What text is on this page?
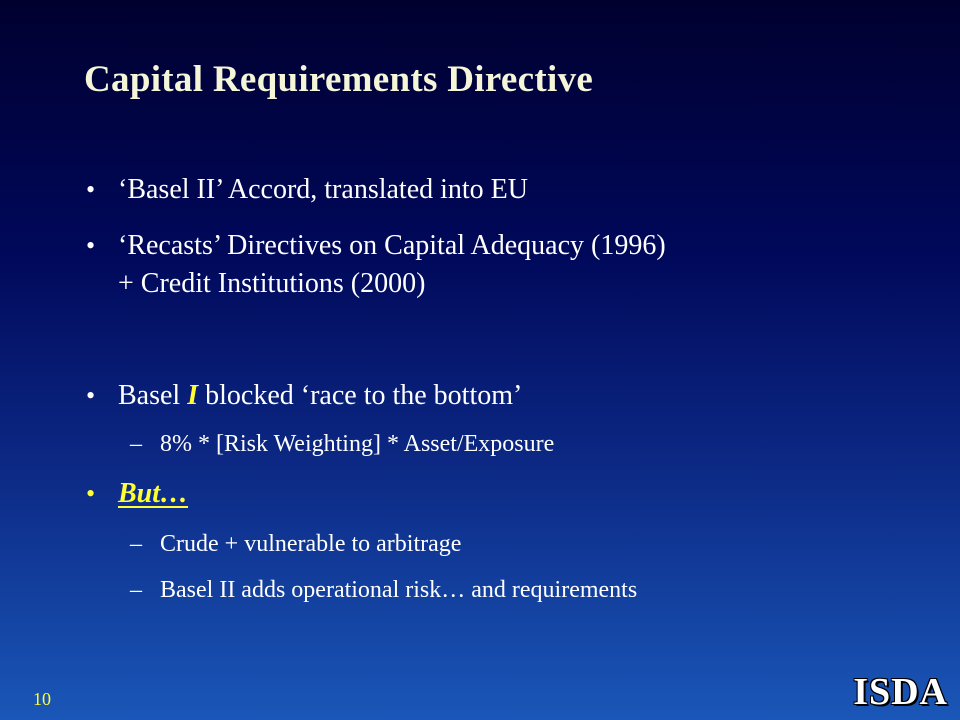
Capital Requirements Directive
• ‘Basel II’ Accord, translated into EU
• ‘Recasts’ Directives on Capital Adequacy (1996)
+ Credit Institutions (2000)
• Basel I blocked ‘race to the bottom’
– 8% * [Risk Weighting] * Asset/Exposure
• But…
– Crude + vulnerable to arbitrage
– Basel II adds operational risk… and requirements
10	ISDA
